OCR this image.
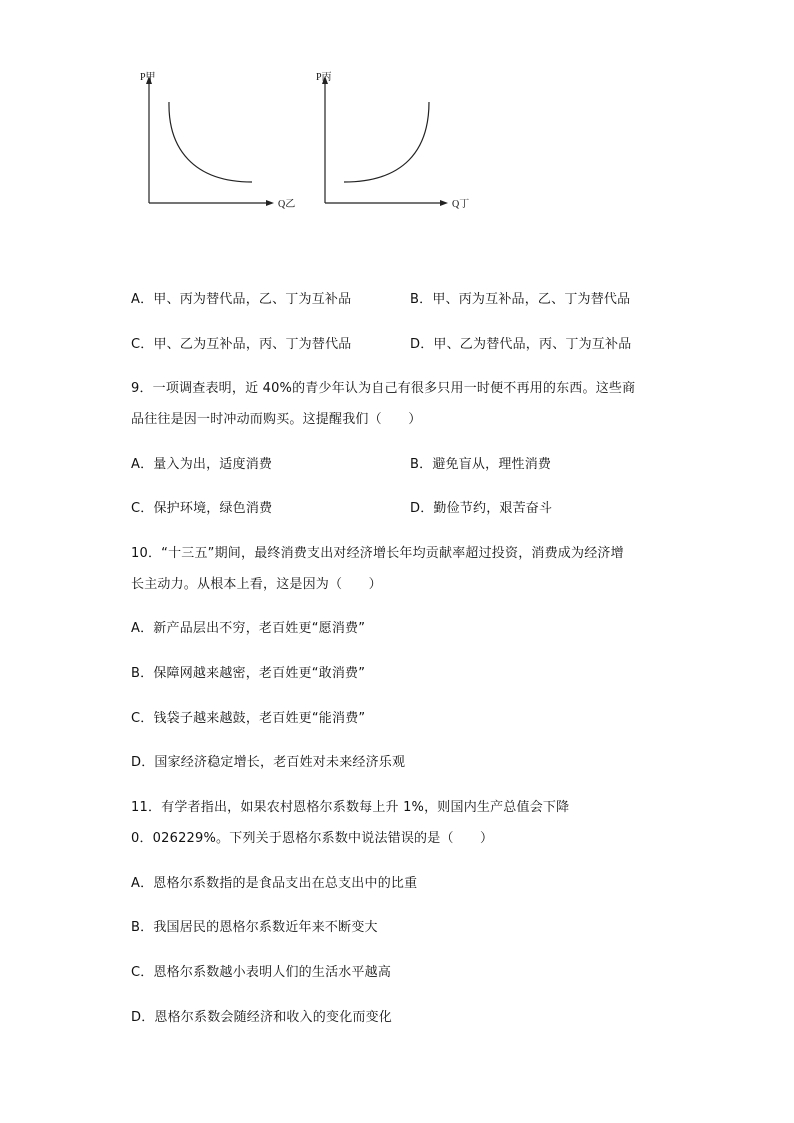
P甲
Q乙
P丙
Q丁
A．甲、丙为替代品，乙、丁为互补品	B．甲、丙为互补品，乙、丁为替代品
C．甲、乙为互补品，丙、丁为替代品	D．甲、乙为替代品，丙、丁为互补品
9．一项调查表明，近 40%的青少年认为自己有很多只用一时便不再用的东西。这些商
品往往是因一时冲动而购买。这提醒我们（　　）
A．量入为出，适度消费	B．避免盲从，理性消费
C．保护环境，绿色消费	D．勤俭节约，艰苦奋斗
10．“十三五”期间，最终消费支出对经济增长年均贡献率超过投资，消费成为经济增
长主动力。从根本上看，这是因为（　　）
A．新产品层出不穷，老百姓更“愿消费”
B．保障网越来越密，老百姓更“敢消费”
C．钱袋子越来越鼓，老百姓更“能消费”
D．国家经济稳定增长，老百姓对未来经济乐观
11．有学者指出，如果农村恩格尔系数每上升 1%，则国内生产总值会下降
0．026229%。下列关于恩格尔系数中说法错误的是（　　）
A．恩格尔系数指的是食品支出在总支出中的比重
B．我国居民的恩格尔系数近年来不断变大
C．恩格尔系数越小表明人们的生活水平越高
D．恩格尔系数会随经济和收入的变化而变化
